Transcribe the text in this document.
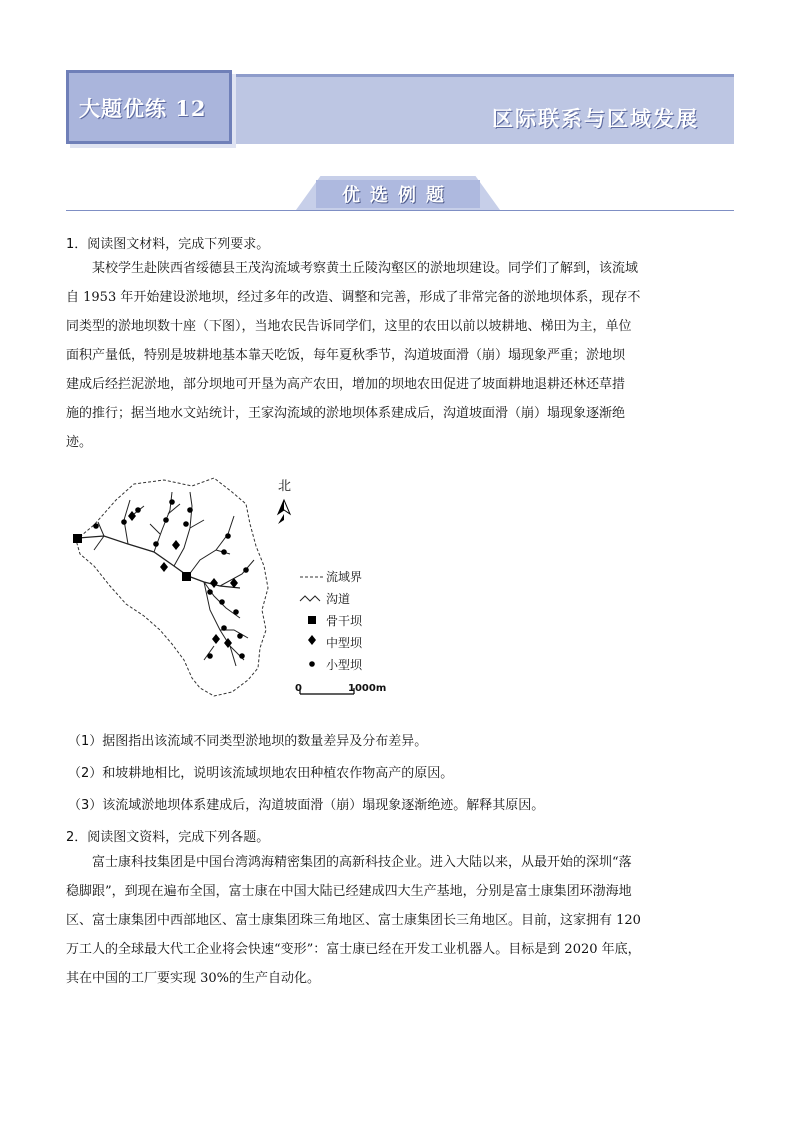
区际联系与区域发展
大题优练 12
优选例题
1．阅读图文材料，完成下列要求。
某校学生赴陕西省绥德县王茂沟流域考察黄土丘陵沟壑区的淤地坝建设。同学们了解到，该流域
自 1953 年开始建设淤地坝，经过多年的改造、调整和完善，形成了非常完备的淤地坝体系，现存不
同类型的淤地坝数十座（下图），当地农民告诉同学们，这里的农田以前以坡耕地、梯田为主，单位
面积产量低，特别是坡耕地基本靠天吃饭，每年夏秋季节，沟道坡面滑（崩）塌现象严重；淤地坝
建成后经拦泥淤地，部分坝地可开垦为高产农田，增加的坝地农田促进了坡面耕地退耕还林还草措
施的推行；据当地水文站统计，王家沟流域的淤地坝体系建成后，沟道坡面滑（崩）塌现象逐渐绝
迹。
北
流域界
沟道
骨干坝
中型坝
小型坝
0	1000m
（1）据图指出该流域不同类型淤地坝的数量差异及分布差异。
（2）和坡耕地相比，说明该流域坝地农田种植农作物高产的原因。
（3）该流域淤地坝体系建成后，沟道坡面滑（崩）塌现象逐渐绝迹。解释其原因。
2．阅读图文资料，完成下列各题。
富士康科技集团是中国台湾鸿海精密集团的高新科技企业。进入大陆以来，从最开始的深圳“落
稳脚跟”，到现在遍布全国，富士康在中国大陆已经建成四大生产基地，分别是富士康集团环渤海地
区、富士康集团中西部地区、富士康集团珠三角地区、富士康集团长三角地区。目前，这家拥有 120
万工人的全球最大代工企业将会快速“变形”：富士康已经在开发工业机器人。目标是到 2020 年底，
其在中国的工厂要实现 30%的生产自动化。
